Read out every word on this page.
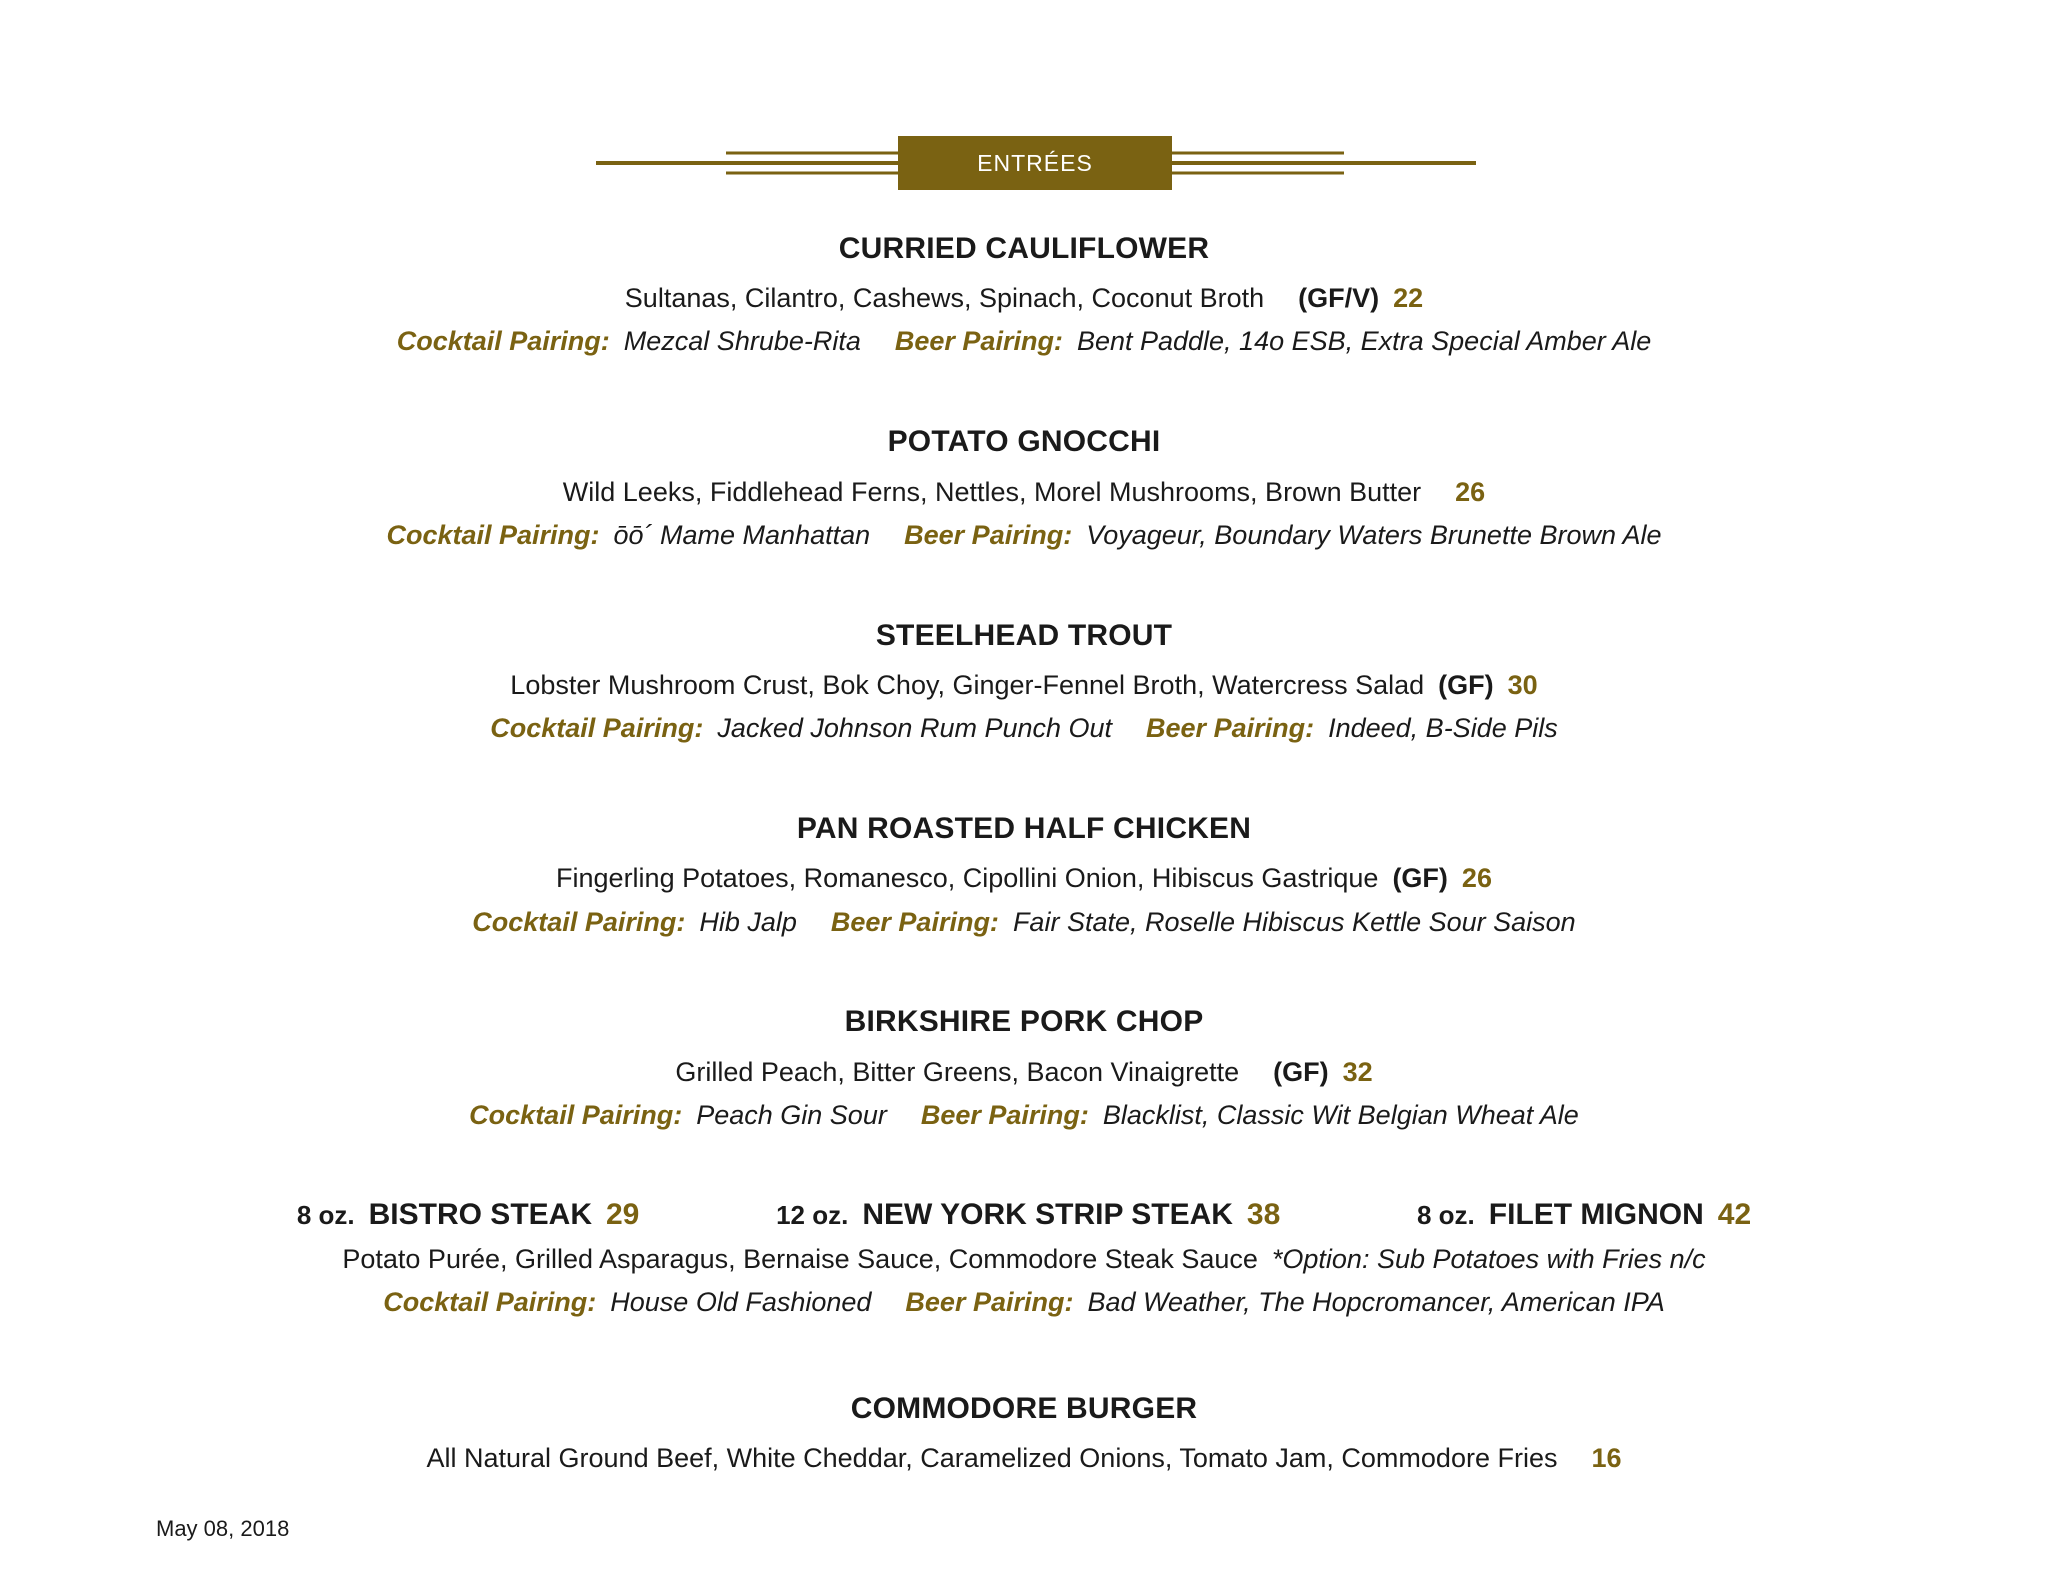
ENTRÉES
CURRIED CAULIFLOWER
Sultanas, Cilantro, Cashews, Spinach, Coconut Broth (GF/V) 22
Cocktail Pairing: Mezcal Shrube-Rita Beer Pairing: Bent Paddle, 14o ESB, Extra Special Amber Ale
POTATO GNOCCHI
Wild Leeks, Fiddlehead Ferns, Nettles, Morel Mushrooms, Brown Butter 26
Cocktail Pairing: ōō´ Mame Manhattan Beer Pairing: Voyageur, Boundary Waters Brunette Brown Ale
STEELHEAD TROUT
Lobster Mushroom Crust, Bok Choy, Ginger-Fennel Broth, Watercress Salad (GF) 30
Cocktail Pairing: Jacked Johnson Rum Punch Out Beer Pairing: Indeed, B-Side Pils
PAN ROASTED HALF CHICKEN
Fingerling Potatoes, Romanesco, Cipollini Onion, Hibiscus Gastrique (GF) 26
Cocktail Pairing: Hib Jalp Beer Pairing: Fair State, Roselle Hibiscus Kettle Sour Saison
BIRKSHIRE PORK CHOP
Grilled Peach, Bitter Greens, Bacon Vinaigrette (GF) 32
Cocktail Pairing: Peach Gin Sour Beer Pairing: Blacklist, Classic Wit Belgian Wheat Ale
8 oz. BISTRO STEAK 29	12 oz. NEW YORK STRIP STEAK 38	8 oz. FILET MIGNON 42
Potato Purée, Grilled Asparagus, Bernaise Sauce, Commodore Steak Sauce *Option: Sub Potatoes with Fries n/c
Cocktail Pairing: House Old Fashioned Beer Pairing: Bad Weather, The Hopcromancer, American IPA
COMMODORE BURGER
All Natural Ground Beef, White Cheddar, Caramelized Onions, Tomato Jam, Commodore Fries 16
May 08, 2018
